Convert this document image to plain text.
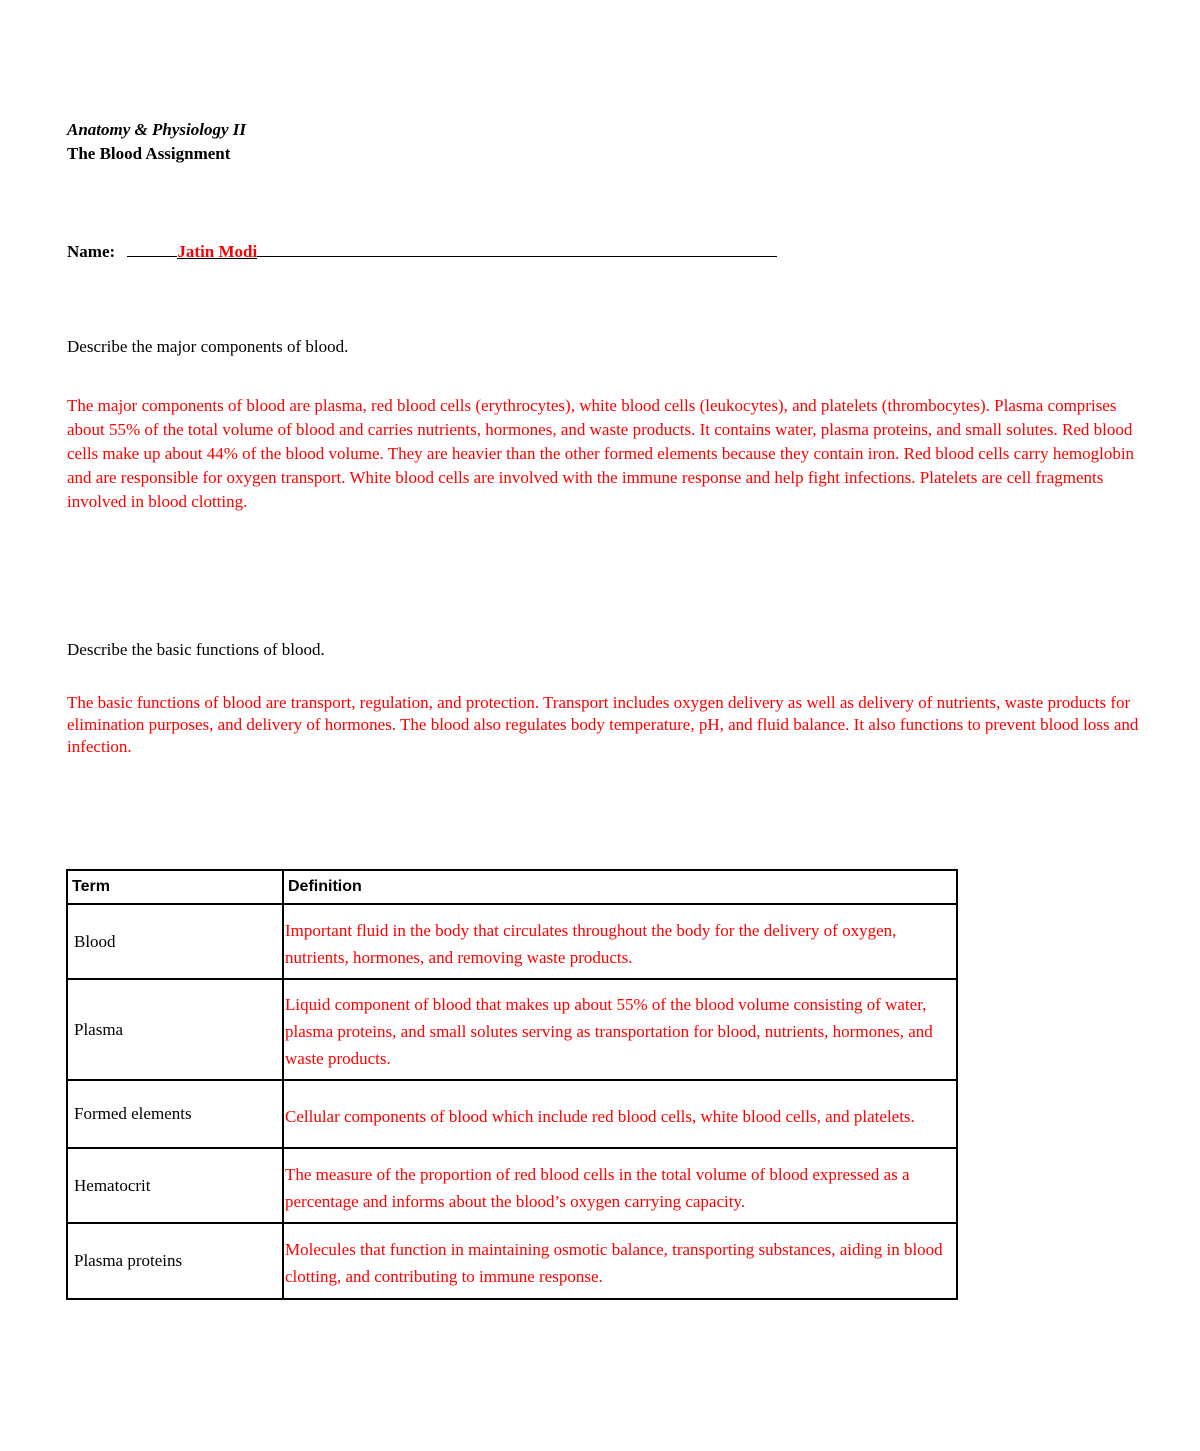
Anatomy & Physiology II
The Blood Assignment
Name:	Jatin Modi
Describe the major components of blood.
The major components of blood are plasma, red blood cells (erythrocytes), white blood cells (leukocytes), and platelets (thrombocytes). Plasma comprises about 55% of the total volume of blood and carries nutrients, hormones, and waste products. It contains water, plasma proteins, and small solutes. Red blood cells make up about 44% of the blood volume. They are heavier than the other formed elements because they contain iron. Red blood cells carry hemoglobin and are responsible for oxygen transport. White blood cells are involved with the immune response and help fight infections. Platelets are cell fragments involved in blood clotting.
Describe the basic functions of blood.
The basic functions of blood are transport, regulation, and protection. Transport includes oxygen delivery as well as delivery of nutrients, waste products for elimination purposes, and delivery of hormones. The blood also regulates body temperature, pH, and fluid balance. It also functions to prevent blood loss and infection.
Term	Definition
Blood	Important fluid in the body that circulates throughout the body for the delivery of oxygen, nutrients, hormones, and removing waste products.
Plasma	Liquid component of blood that makes up about 55% of the blood volume consisting of water, plasma proteins, and small solutes serving as transportation for blood, nutrients, hormones, and waste products.
Formed elements	Cellular components of blood which include red blood cells, white blood cells, and platelets.
Hematocrit	The measure of the proportion of red blood cells in the total volume of blood expressed as a percentage and informs about the blood’s oxygen carrying capacity.
Plasma proteins	Molecules that function in maintaining osmotic balance, transporting substances, aiding in blood clotting, and contributing to immune response.
